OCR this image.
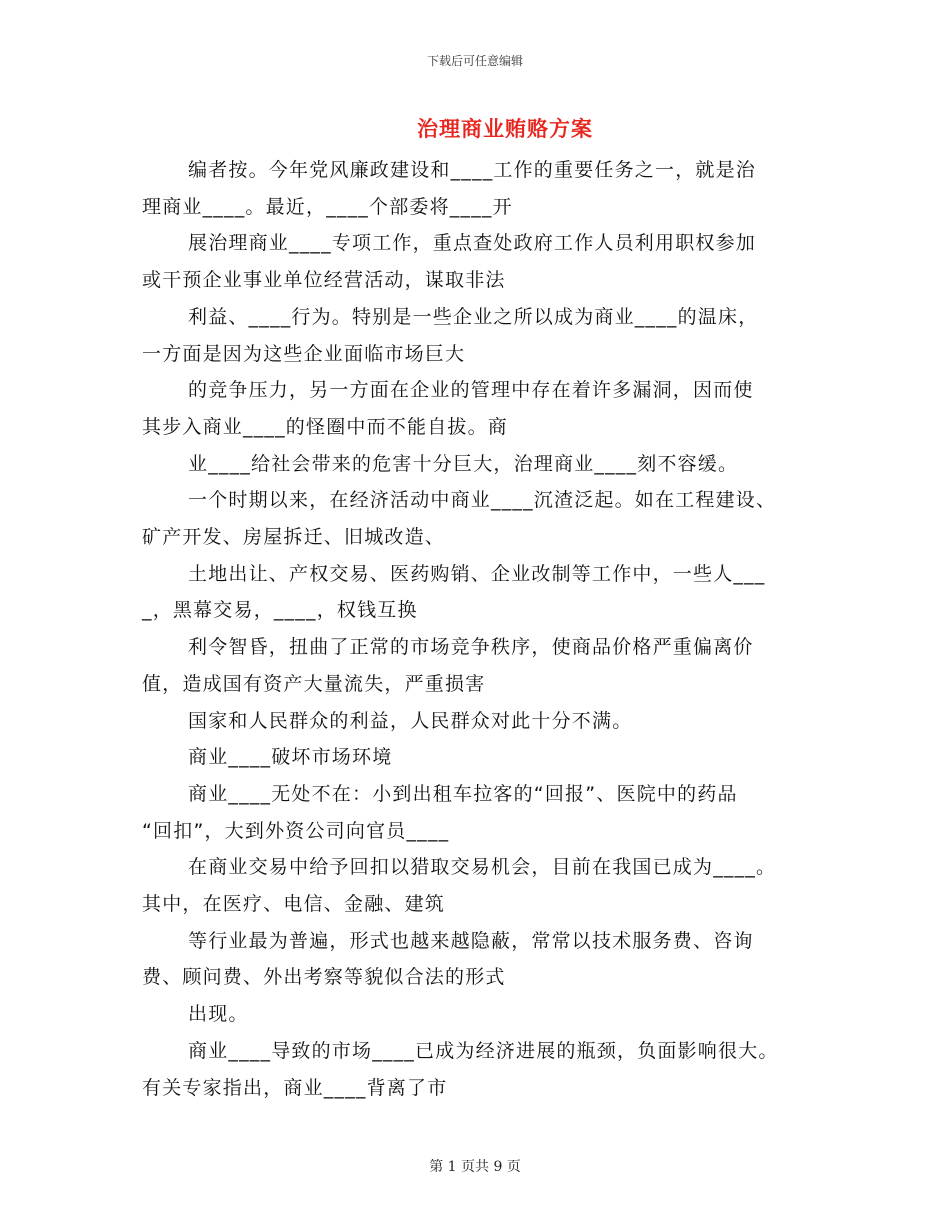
下载后可任意编辑
治理商业贿赂方案
编者按。今年党风廉政建设和____工作的重要任务之一，就是治
理商业____。最近，____个部委将____开
展治理商业____专项工作，重点查处政府工作人员利用职权参加
或干预企业事业单位经营活动，谋取非法
利益、____行为。特别是一些企业之所以成为商业____的温床，
一方面是因为这些企业面临市场巨大
的竞争压力，另一方面在企业的管理中存在着许多漏洞，因而使
其步入商业____的怪圈中而不能自拔。商
业____给社会带来的危害十分巨大，治理商业____刻不容缓。
一个时期以来，在经济活动中商业____沉渣泛起。如在工程建设、
矿产开发、房屋拆迁、旧城改造、
土地出让、产权交易、医药购销、企业改制等工作中，一些人___
_，黑幕交易，____，权钱互换
利令智昏，扭曲了正常的市场竞争秩序，使商品价格严重偏离价
值，造成国有资产大量流失，严重损害
国家和人民群众的利益，人民群众对此十分不满。
商业____破坏市场环境
商业____无处不在：小到出租车拉客的“回报”、医院中的药品
“回扣”，大到外资公司向官员____
在商业交易中给予回扣以猎取交易机会，目前在我国已成为____。
其中，在医疗、电信、金融、建筑
等行业最为普遍，形式也越来越隐蔽，常常以技术服务费、咨询
费、顾问费、外出考察等貌似合法的形式
出现。
商业____导致的市场____已成为经济进展的瓶颈，负面影响很大。
有关专家指出，商业____背离了市
第 1 页共 9 页
